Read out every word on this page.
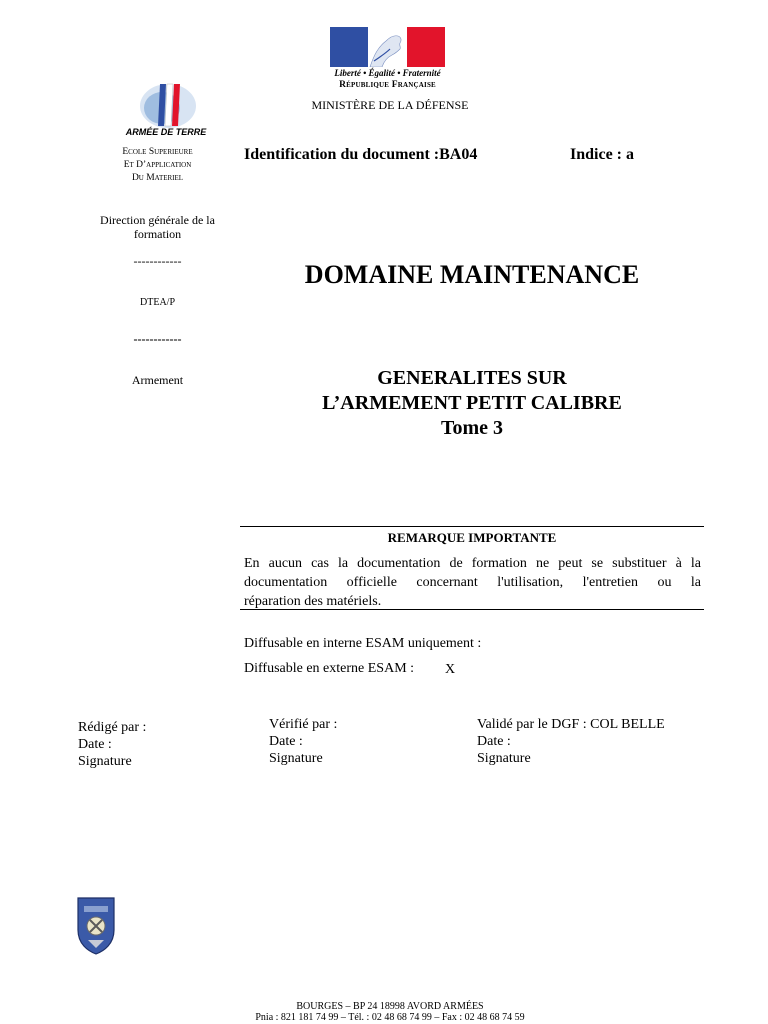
Liberté • Égalité • Fraternité
République Française
MINISTÈRE DE LA DÉFENSE
ARMÉE DE TERRE
Ecole Superieure
Et D’application
Du Materiel
Direction générale de la formation
------------
DTEA/P
------------
Armement
Identification du document :BA04	Indice : a
DOMAINE MAINTENANCE
GENERALITES SUR
L’ARMEMENT PETIT CALIBRE
Tome 3
REMARQUE IMPORTANTE
En aucun cas la documentation de formation ne peut se substituer à la
documentation officielle concernant l'utilisation, l'entretien ou la
réparation des matériels.
Diffusable en interne ESAM uniquement :
Diffusable en externe ESAM : X
Rédigé par :
Date :
Signature
Vérifié par :
Date :
Signature
Validé par le DGF : COL BELLE
Date :
Signature
BOURGES – BP 24 18998 AVORD ARMÉES
Pnia : 821 181 74 99 – Tél. : 02 48 68 74 99 – Fax : 02 48 68 74 59
